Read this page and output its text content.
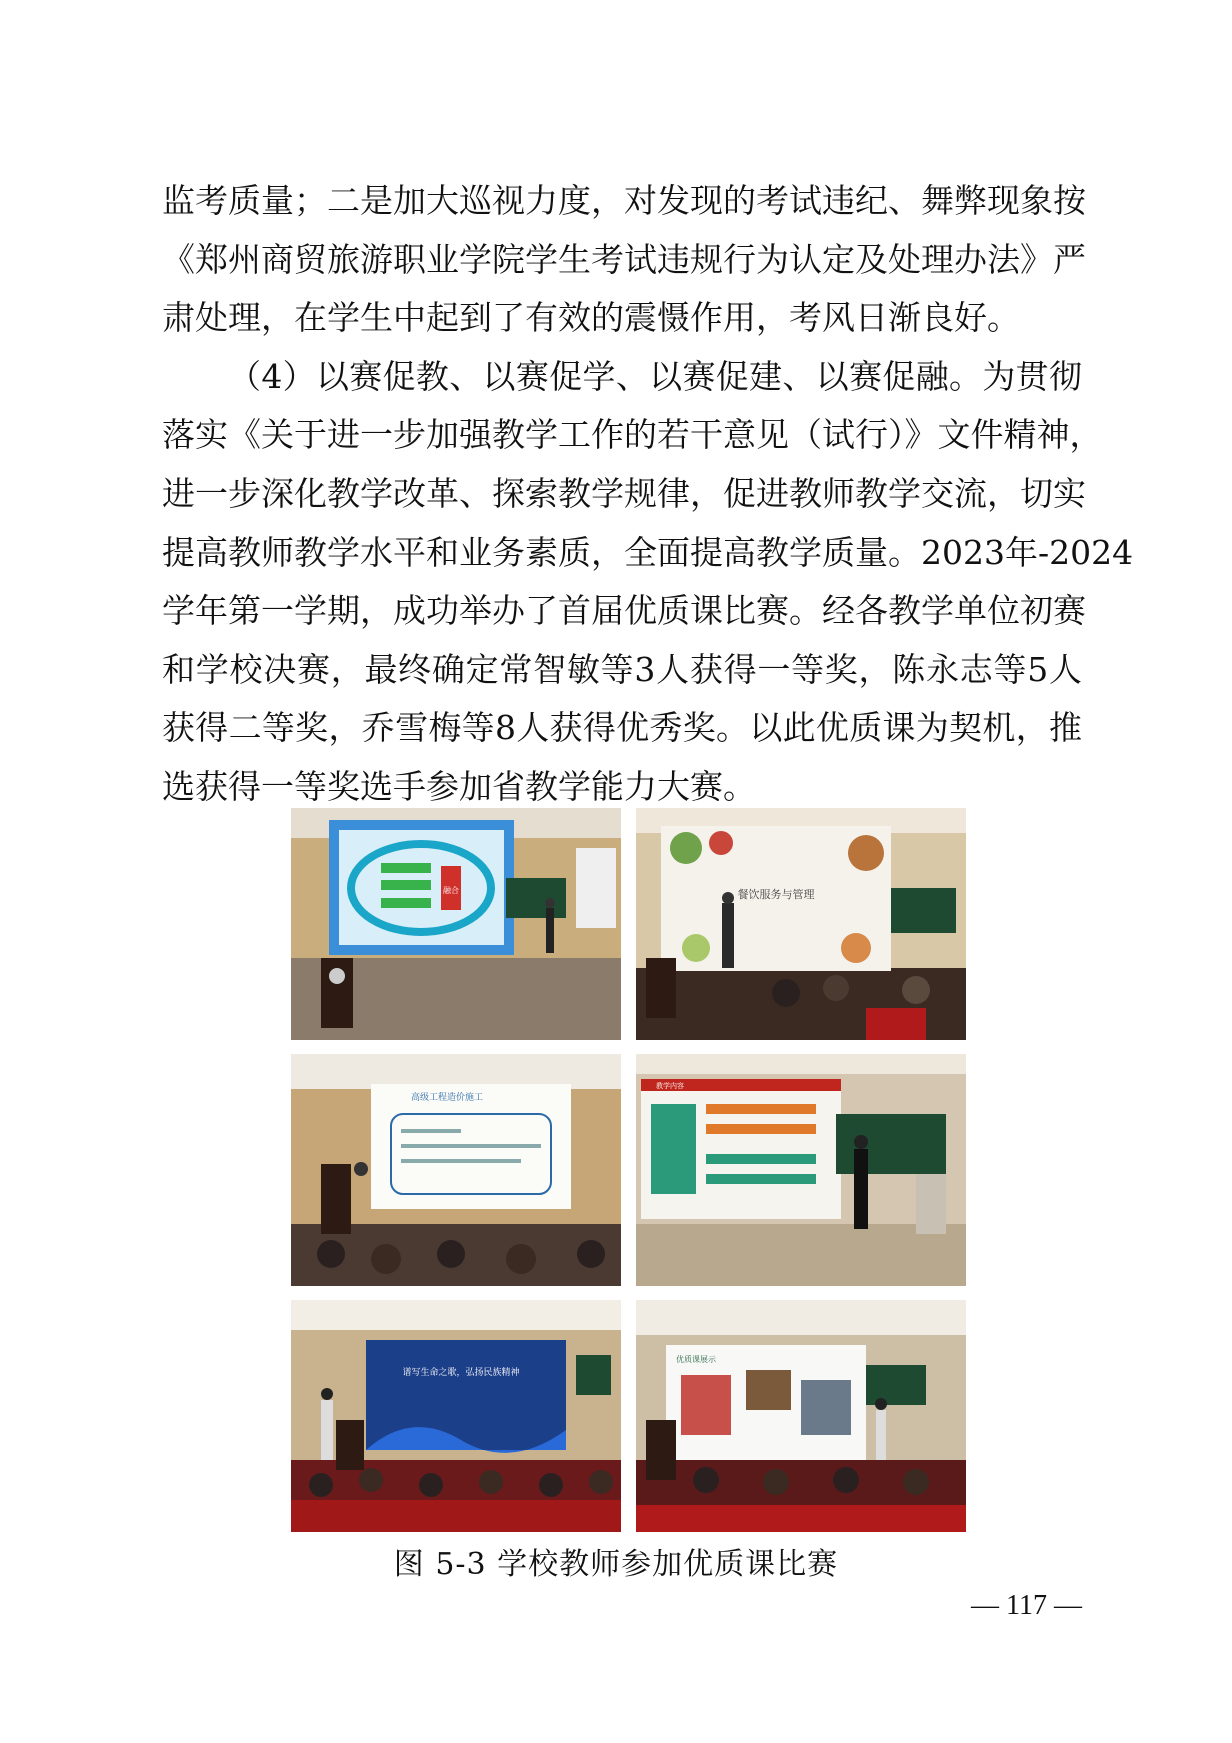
监考质量；二是加大巡视力度，对发现的考试违纪、舞弊现象按
《郑州商贸旅游职业学院学生考试违规行为认定及处理办法》严
肃处理，在学生中起到了有效的震慑作用，考风日渐良好。
（4）以赛促教、以赛促学、以赛促建、以赛促融。为贯彻
落实《关于进一步加强教学工作的若干意见（试行）》文件精神，
进一步深化教学改革、探索教学规律，促进教师教学交流，切实
提高教师教学水平和业务素质，全面提高教学质量。2023年-2024
学年第一学期，成功举办了首届优质课比赛。经各教学单位初赛
和学校决赛，最终确定常智敏等3人获得一等奖，陈永志等5人
获得二等奖，乔雪梅等8人获得优秀奖。以此优质课为契机，推
选获得一等奖选手参加省教学能力大赛。
融合	餐饮服务与管理
高级工程造价施工
教学内容
谱写生命之歌，弘扬民族精神
优质课展示
图 5-3 学校教师参加优质课比赛
— 117 —
